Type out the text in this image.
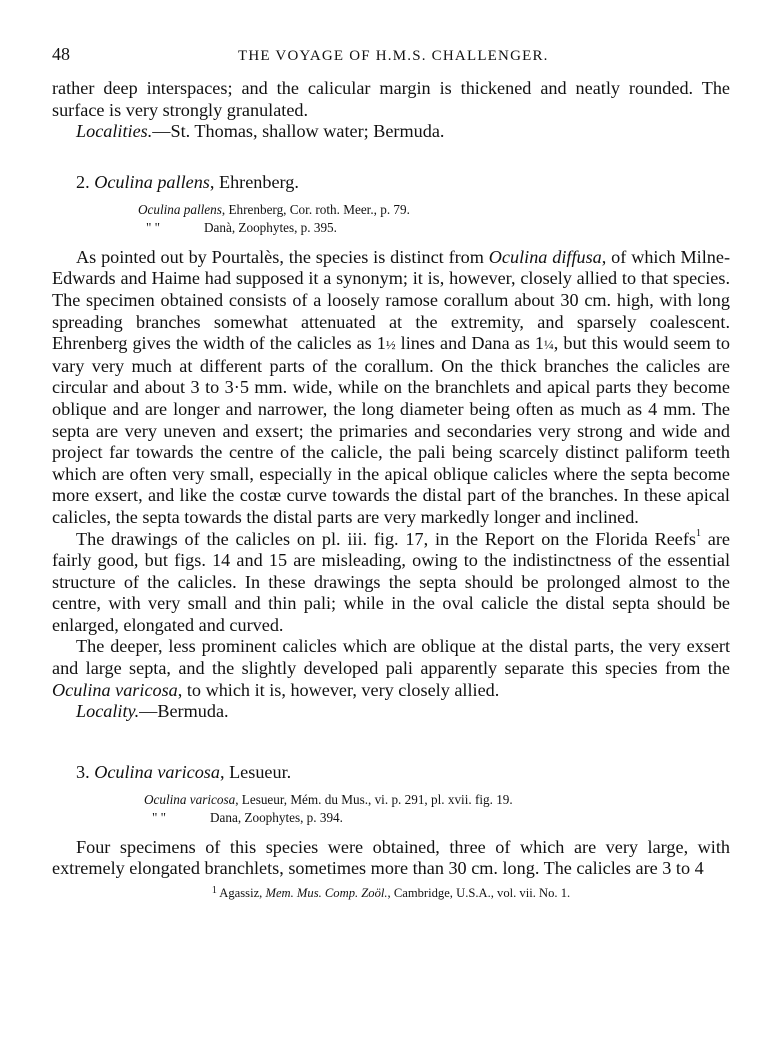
48	THE VOYAGE OF H.M.S. CHALLENGER.

rather deep interspaces; and the calicular margin is thickened and neatly rounded. The surface is very strongly granulated.

Localities.—St. Thomas, shallow water; Bermuda.

2. Oculina pallens, Ehrenberg.

Oculina pallens, Ehrenberg, Cor. roth. Meer., p. 79.
" "	Danà, Zoophytes, p. 395.

As pointed out by Pourtalès, the species is distinct from Oculina diffusa, of which Milne-Edwards and Haime had supposed it a synonym; it is, however, closely allied to that species. The specimen obtained consists of a loosely ramose corallum about 30 cm. high, with long spreading branches somewhat attenuated at the extremity, and sparsely coalescent. Ehrenberg gives the width of the calicles as 1½ lines and Dana as 1¼, but this would seem to vary very much at different parts of the corallum. On the thick branches the calicles are circular and about 3 to 3·5 mm. wide, while on the branchlets and apical parts they become oblique and are longer and narrower, the long diameter being often as much as 4 mm. The septa are very uneven and exsert; the primaries and secondaries very strong and wide and project far towards the centre of the calicle, the pali being scarcely distinct paliform teeth which are often very small, especially in the apical oblique calicles where the septa become more exsert, and like the costæ curve towards the distal part of the branches. In these apical calicles, the septa towards the distal parts are very markedly longer and inclined.

The drawings of the calicles on pl. iii. fig. 17, in the Report on the Florida Reefs$^1$ are fairly good, but figs. 14 and 15 are misleading, owing to the indistinctness of the essential structure of the calicles. In these drawings the septa should be prolonged almost to the centre, with very small and thin pali; while in the oval calicle the distal septa should be enlarged, elongated and curved.

The deeper, less prominent calicles which are oblique at the distal parts, the very exsert and large septa, and the slightly developed pali apparently separate this species from the Oculina varicosa, to which it is, however, very closely allied.

Locality.—Bermuda.

3. Oculina varicosa, Lesueur.

Oculina varicosa, Lesueur, Mém. du Mus., vi. p. 291, pl. xvii. fig. 19.
" "	Dana, Zoophytes, p. 394.

Four specimens of this species were obtained, three of which are very large, with extremely elongated branchlets, sometimes more than 30 cm. long. The calicles are 3 to 4

$^1$ Agassiz, Mem. Mus. Comp. Zoöl., Cambridge, U.S.A., vol. vii. No. 1.
